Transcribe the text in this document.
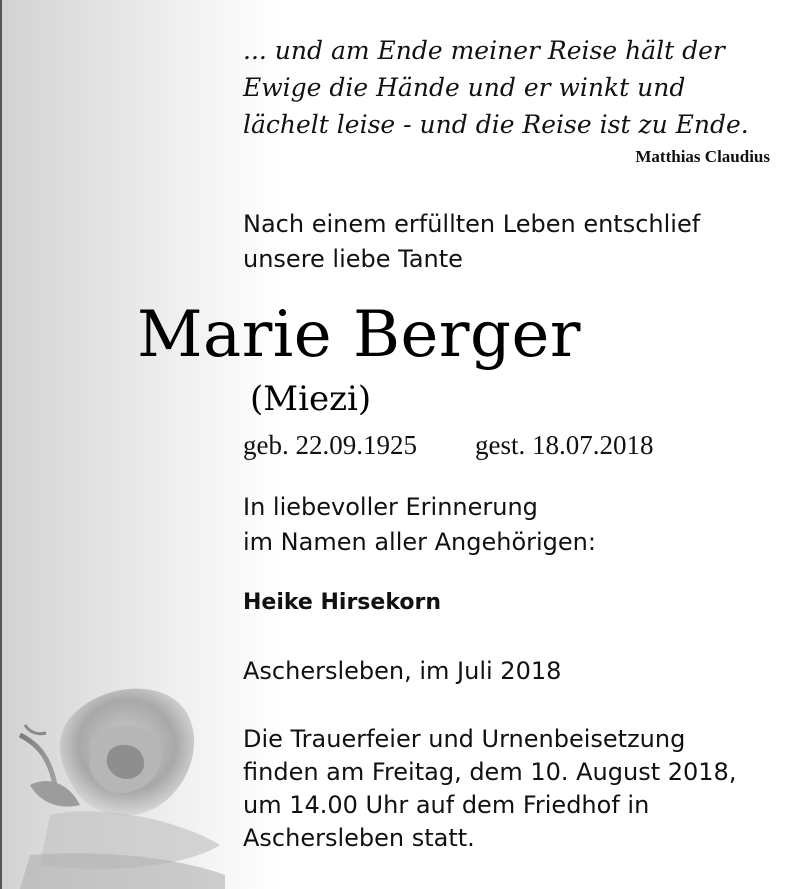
... und am Ende meiner Reise hält der
Ewige die Hände und er winkt und
lächelt leise - und die Reise ist zu Ende.
Matthias Claudius
Nach einem erfüllten Leben entschlief
unsere liebe Tante
Marie Berger
(Miezi)
geb. 22.09.1925 gest. 18.07.2018
In liebevoller Erinnerung
im Namen aller Angehörigen:
Heike Hirsekorn
Aschersleben, im Juli 2018
Die Trauerfeier und Urnenbeisetzung
finden am Freitag, dem 10. August 2018,
um 14.00 Uhr auf dem Friedhof in
Aschersleben statt.
